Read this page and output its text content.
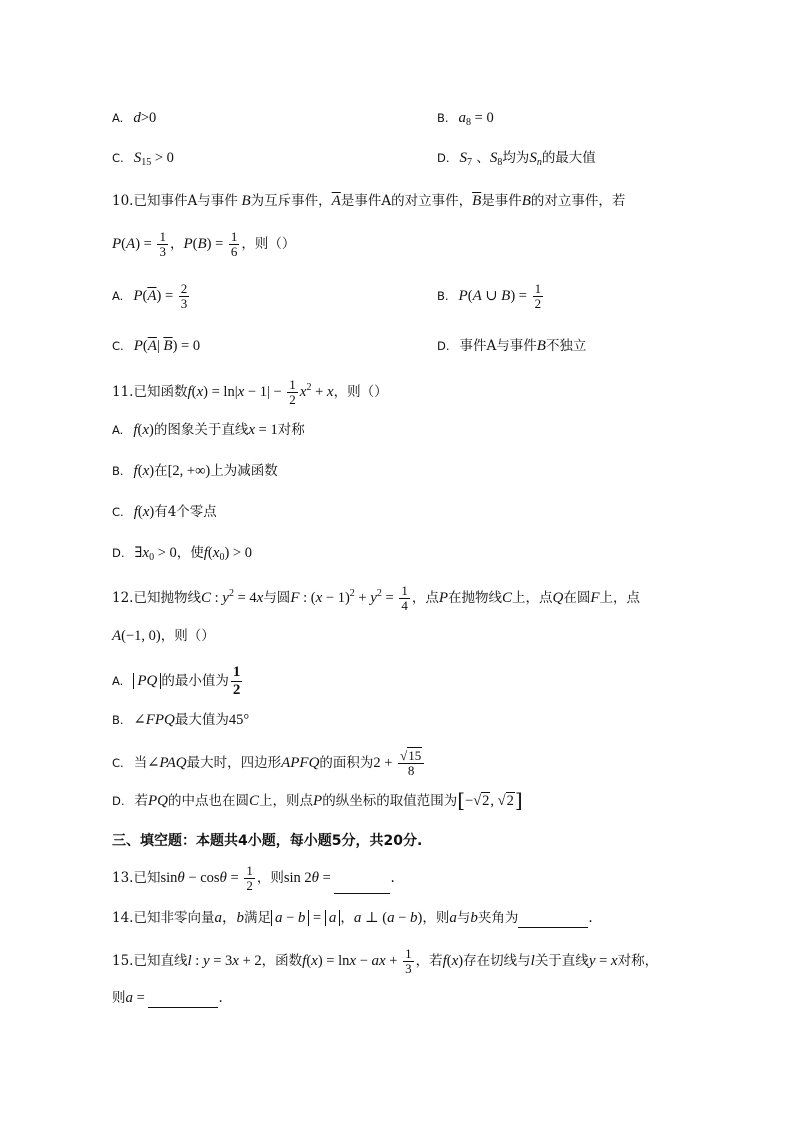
A. d>0	B. $a_8 = 0$
C. $S_{15} > 0$	D. $S_7$ 、$S_8$均为$S_n$的最大值
10.已知事件A与事件 B为互斥事件，$\overline{A}$是事件A的对立事件，$\overline{B}$是事件B的对立事件，若
$P(A) = \frac{1}{3}$ ，$P(B) = \frac{1}{6}$ ，则（）
A. $P(\overline{A}) = \frac{2}{3}$	B. P(A ∪ $B) = \frac{1}{2}$
C. $P(\overline{A}|$ $\overline{B}) = 0$	D. 事件A与事件B不独立
11.已知函数$f(x) = \ln|x - 1| - \frac{1}{2} x^2 + x$，则（）
A. f(x)的图象关于直线x = 1对称
B. f(x)在[2, +∞)上为减函数
C. f(x)有4个零点
D. $\exists x_0 > 0$，使$f(x_0) > 0$
12.已知抛物线C : $y^2 = 4x$与圆F : $(x - 1)^2 + y^2 = \frac{1}{4}$ ，点P在抛物线C上，点Q在圆F上，点
A(−1, 0)，则（）
A. PQ 的最小值为 $\frac{1}{2}$
B. ∠FPQ最大值为45°
C. 当∠PAQ最大时，四边形APFQ的面积为$2 + \frac{√15}{8}$
D. 若PQ的中点也在圆C上，则点P的纵坐标的取值范围为[−√2, √2]
三、填空题：本题共4小题，每小题5分，共20分.
13.已知$\sin\theta - \cos\theta = \frac{1}{2}$ ，则sin 2θ =	.
14.已知非零向量a，b满足 a − b = a ，a ⊥ (a − b)，则a与b夹角为	.
15.已知直线l : y = 3x + 2，函数f(x) = lnx − ax + $\frac{1}{3}$ ，若f(x)存在切线与l关于直线y = x对称，
则a =	.
